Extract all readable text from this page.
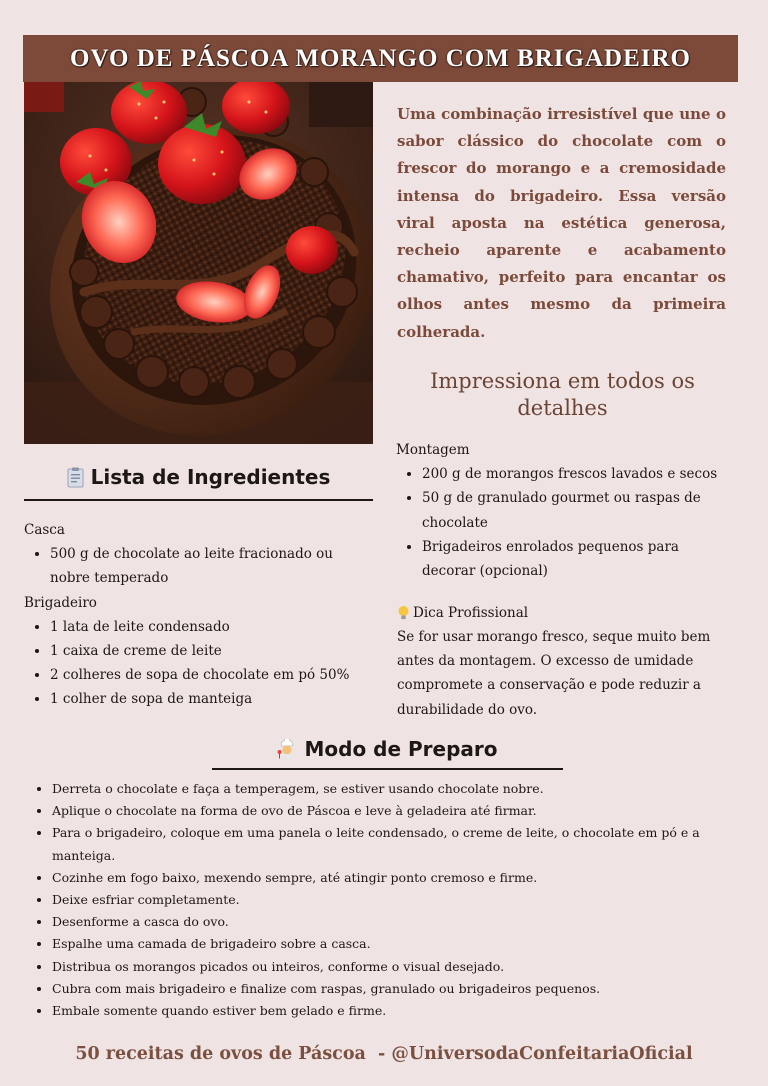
OVO DE PÁSCOA MORANGO COM BRIGADEIRO

Uma combinação irresistível que une o sabor clássico do chocolate com o frescor do morango e a cremosidade intensa do brigadeiro. Essa versão viral aposta na estética generosa, recheio aparente e acabamento chamativo, perfeito para encantar os olhos antes mesmo da primeira colherada.

Impressiona em todos os detalhes
Lista de Ingredientes

Casca

• 500 g de chocolate ao leite fracionado ou nobre temperado

Brigadeiro

• 1 lata de leite condensado
• 1 caixa de creme de leite
• 2 colheres de sopa de chocolate em pó 50%
• 1 colher de sopa de manteiga

Montagem

• 200 g de morangos frescos lavados e secos
• 50 g de granulado gourmet ou raspas de chocolate
• Brigadeiros enrolados pequenos para decorar (opcional)
Dica Profissional

Se for usar morango fresco, seque muito bem antes da montagem. O excesso de umidade compromete a conservação e pode reduzir a durabilidade do ovo.

Modo de Preparo
• Derreta o chocolate e faça a temperagem, se estiver usando chocolate nobre.
• Aplique o chocolate na forma de ovo de Páscoa e leve à geladeira até firmar.
• Para o brigadeiro, coloque em uma panela o leite condensado, o creme de leite, o chocolate em pó e a manteiga.
• Cozinhe em fogo baixo, mexendo sempre, até atingir ponto cremoso e firme.
• Deixe esfriar completamente.
• Desenforme a casca do ovo.
• Espalhe uma camada de brigadeiro sobre a casca.
• Distribua os morangos picados ou inteiros, conforme o visual desejado.
• Cubra com mais brigadeiro e finalize com raspas, granulado ou brigadeiros pequenos.
• Embale somente quando estiver bem gelado e firme.
50 receitas de ovos de Páscoa  - @UniversodaConfeitariaOficial
